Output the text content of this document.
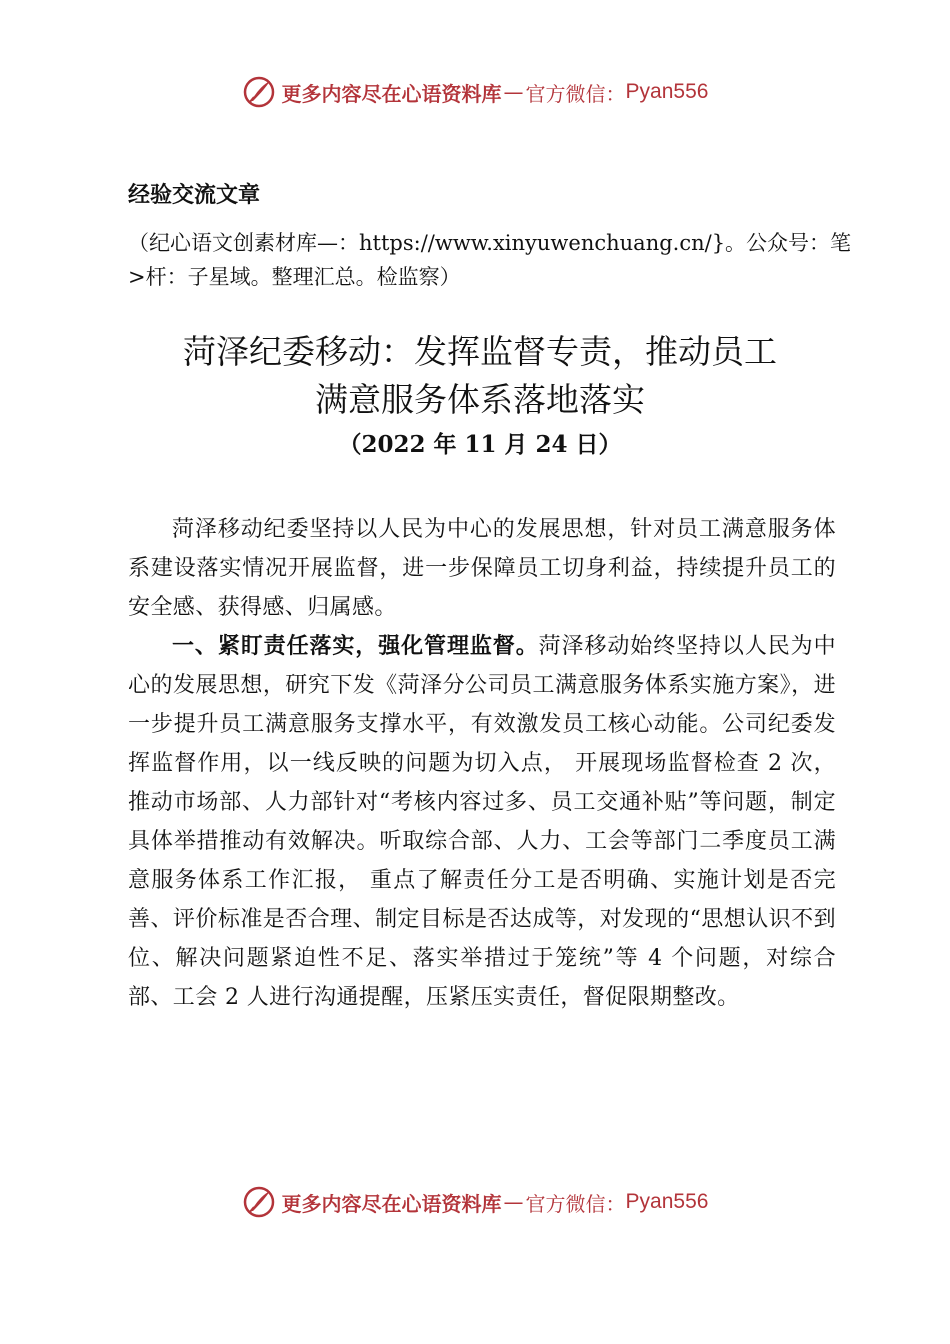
更多内容尽在心语资料库 — 官方微信： Pyan556
经验交流文章
（纪心语文创素材库—：https://www.xinyuwenchuang.cn/}。公众号：笔>杆：子星域。整理汇总。检监察）
菏泽纪委移动：发挥监督专责，推动员工
满意服务体系落地落实
（2022 年 11 月 24 日）

菏泽移动纪委坚持以人民为中心的发展思想，针对员工满意服务体系建设落实情况开展监督，进一步保障员工切身利益，持续提升员工的安全感、获得感、归属感。

一、紧盯责任落实，强化管理监督。菏泽移动始终坚持以人民为中心的发展思想，研究下发《菏泽分公司员工满意服务体系实施方案》，进一步提升员工满意服务支撑水平，有效激发员工核心动能。公司纪委发挥监督作用，以一线反映的问题为切入点， 开展现场监督检查 2 次，推动市场部、人力部针对“考核内容过多、员工交通补贴”等问题，制定具体举措推动有效解决。听取综合部、人力、工会等部门二季度员工满意服务体系工作汇报， 重点了解责任分工是否明确、实施计划是否完善、评价标准是否合理、制定目标是否达成等，对发现的“思想认识不到位、解决问题紧迫性不足、落实举措过于笼统”等 4 个问题，对综合部、工会 2 人进行沟通提醒，压紧压实责任，督促限期整改。

更多内容尽在心语资料库 — 官方微信： Pyan556
